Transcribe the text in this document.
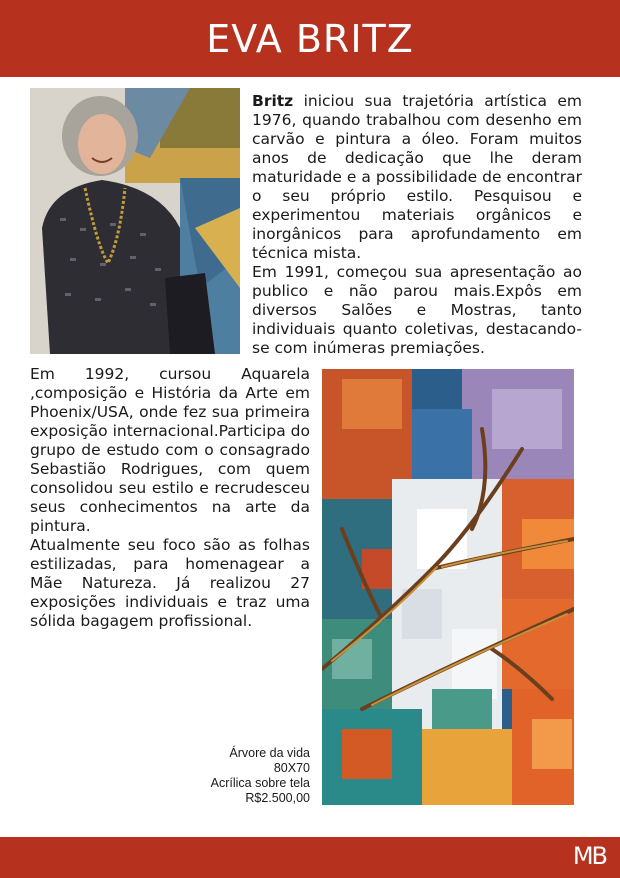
EVA BRITZ

Britz iniciou sua trajetória artística em 1976, quando trabalhou com desenho em carvão e pintura a óleo. Foram muitos anos de dedicação que lhe deram maturidade e a possibilidade de encontrar o seu próprio estilo. Pesquisou e experimentou materiais orgânicos e inorgânicos para aprofundamento em técnica mista.

Em 1991, começou sua apresentação ao publico e não parou mais.Expôs em diversos Salões e Mostras, tanto individuais quanto coletivas, destacando-se com inúmeras premiações.

Em 1992, cursou Aquarela ,composição e História da Arte em Phoenix/USA, onde fez sua primeira exposição internacional.Participa do grupo de estudo com o consagrado Sebastião Rodrigues, com quem consolidou seu estilo e recrudesceu seus conhecimentos na arte da pintura.

Atualmente seu foco são as folhas estilizadas, para homenagear a Mãe Natureza. Já realizou 27 exposições individuais e traz uma sólida bagagem profissional.

Árvore da vida
80X70
Acrílica sobre tela
R$2.500,00
MB
